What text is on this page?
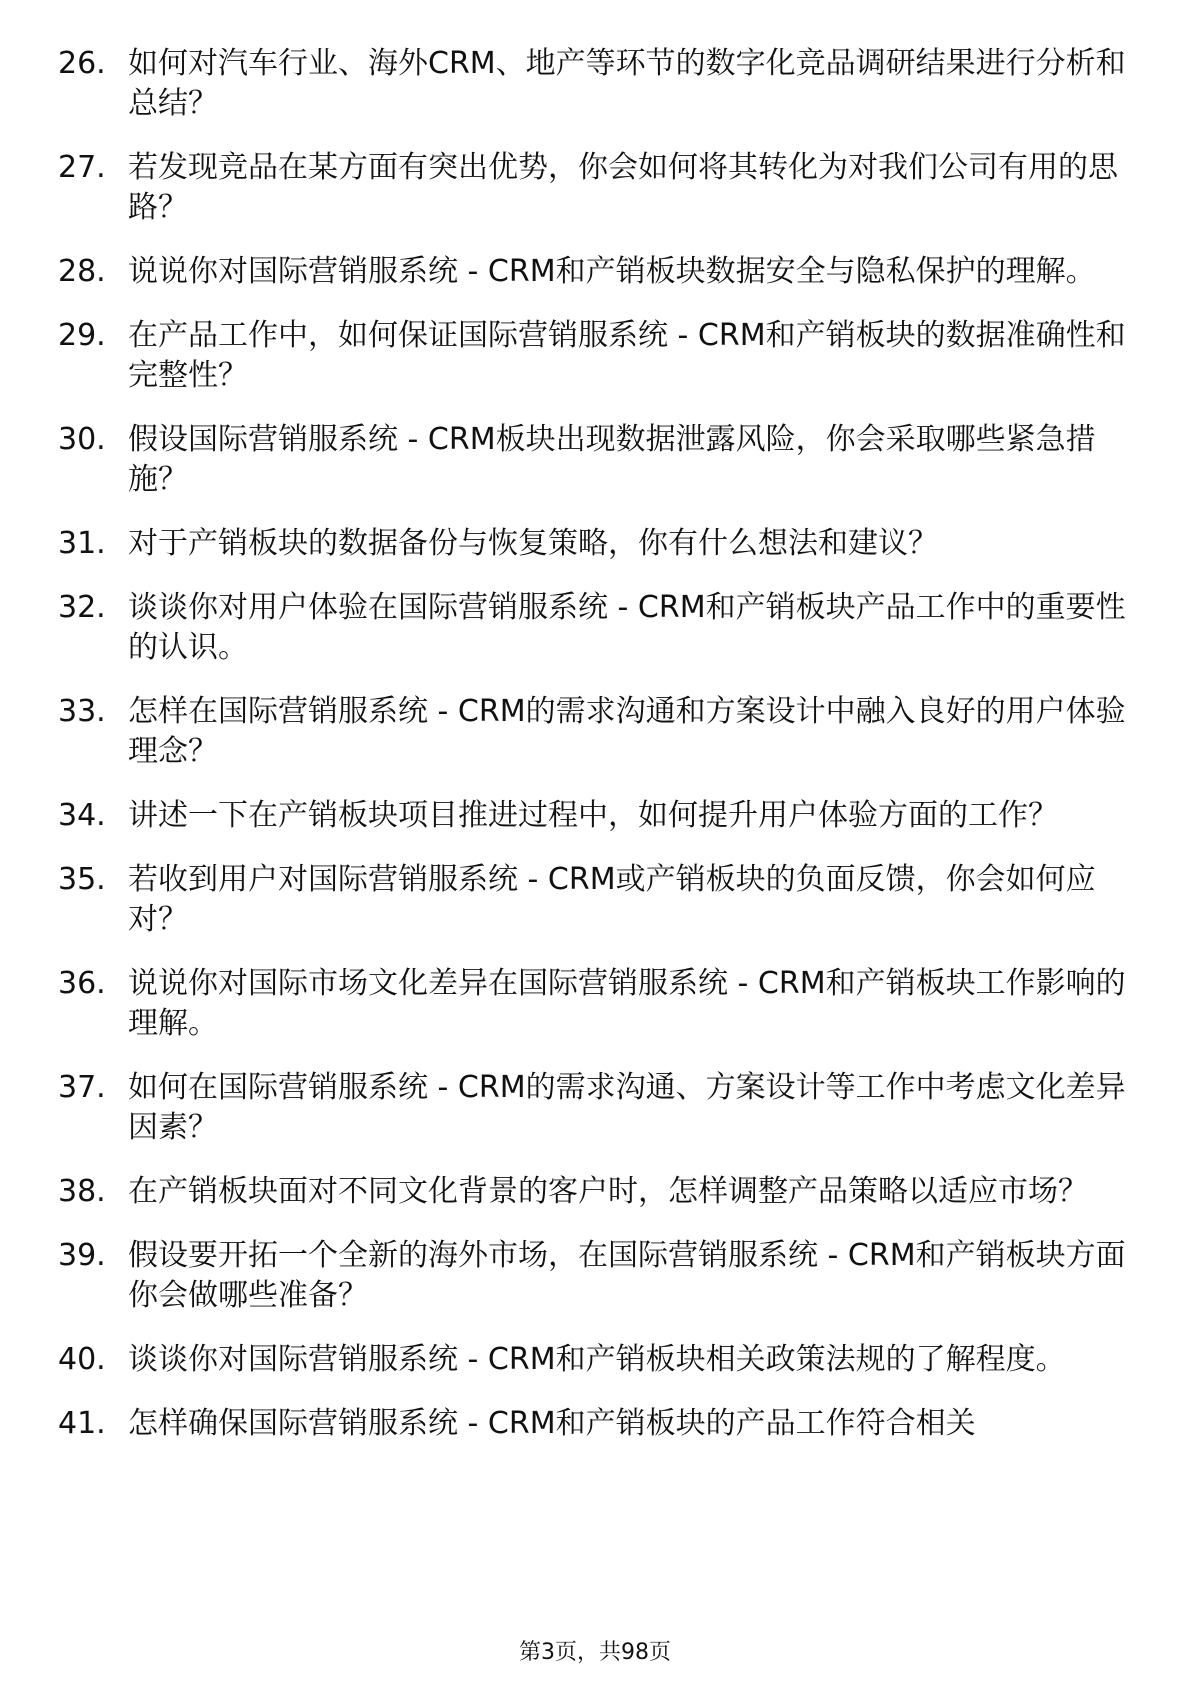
26. 如何对汽车行业、海外CRM、地产等环节的数字化竞品调研结果进行分析和总结？
27. 若发现竞品在某方面有突出优势，你会如何将其转化为对我们公司有用的思路？
28. 说说你对国际营销服系统 - CRM和产销板块数据安全与隐私保护的理解。
29. 在产品工作中，如何保证国际营销服系统 - CRM和产销板块的数据准确性和完整性？
30. 假设国际营销服系统 - CRM板块出现数据泄露风险，你会采取哪些紧急措施？
31. 对于产销板块的数据备份与恢复策略，你有什么想法和建议？
32. 谈谈你对用户体验在国际营销服系统 - CRM和产销板块产品工作中的重要性的认识。
33. 怎样在国际营销服系统 - CRM的需求沟通和方案设计中融入良好的用户体验理念？
34. 讲述一下在产销板块项目推进过程中，如何提升用户体验方面的工作？
35. 若收到用户对国际营销服系统 - CRM或产销板块的负面反馈，你会如何应对？
36. 说说你对国际市场文化差异在国际营销服系统 - CRM和产销板块工作影响的理解。
37. 如何在国际营销服系统 - CRM的需求沟通、方案设计等工作中考虑文化差异因素？
38. 在产销板块面对不同文化背景的客户时，怎样调整产品策略以适应市场？
39. 假设要开拓一个全新的海外市场，在国际营销服系统 - CRM和产销板块方面你会做哪些准备？
40. 谈谈你对国际营销服系统 - CRM和产销板块相关政策法规的了解程度。
41. 怎样确保国际营销服系统 - CRM和产销板块的产品工作符合相关
第3页，共98页
